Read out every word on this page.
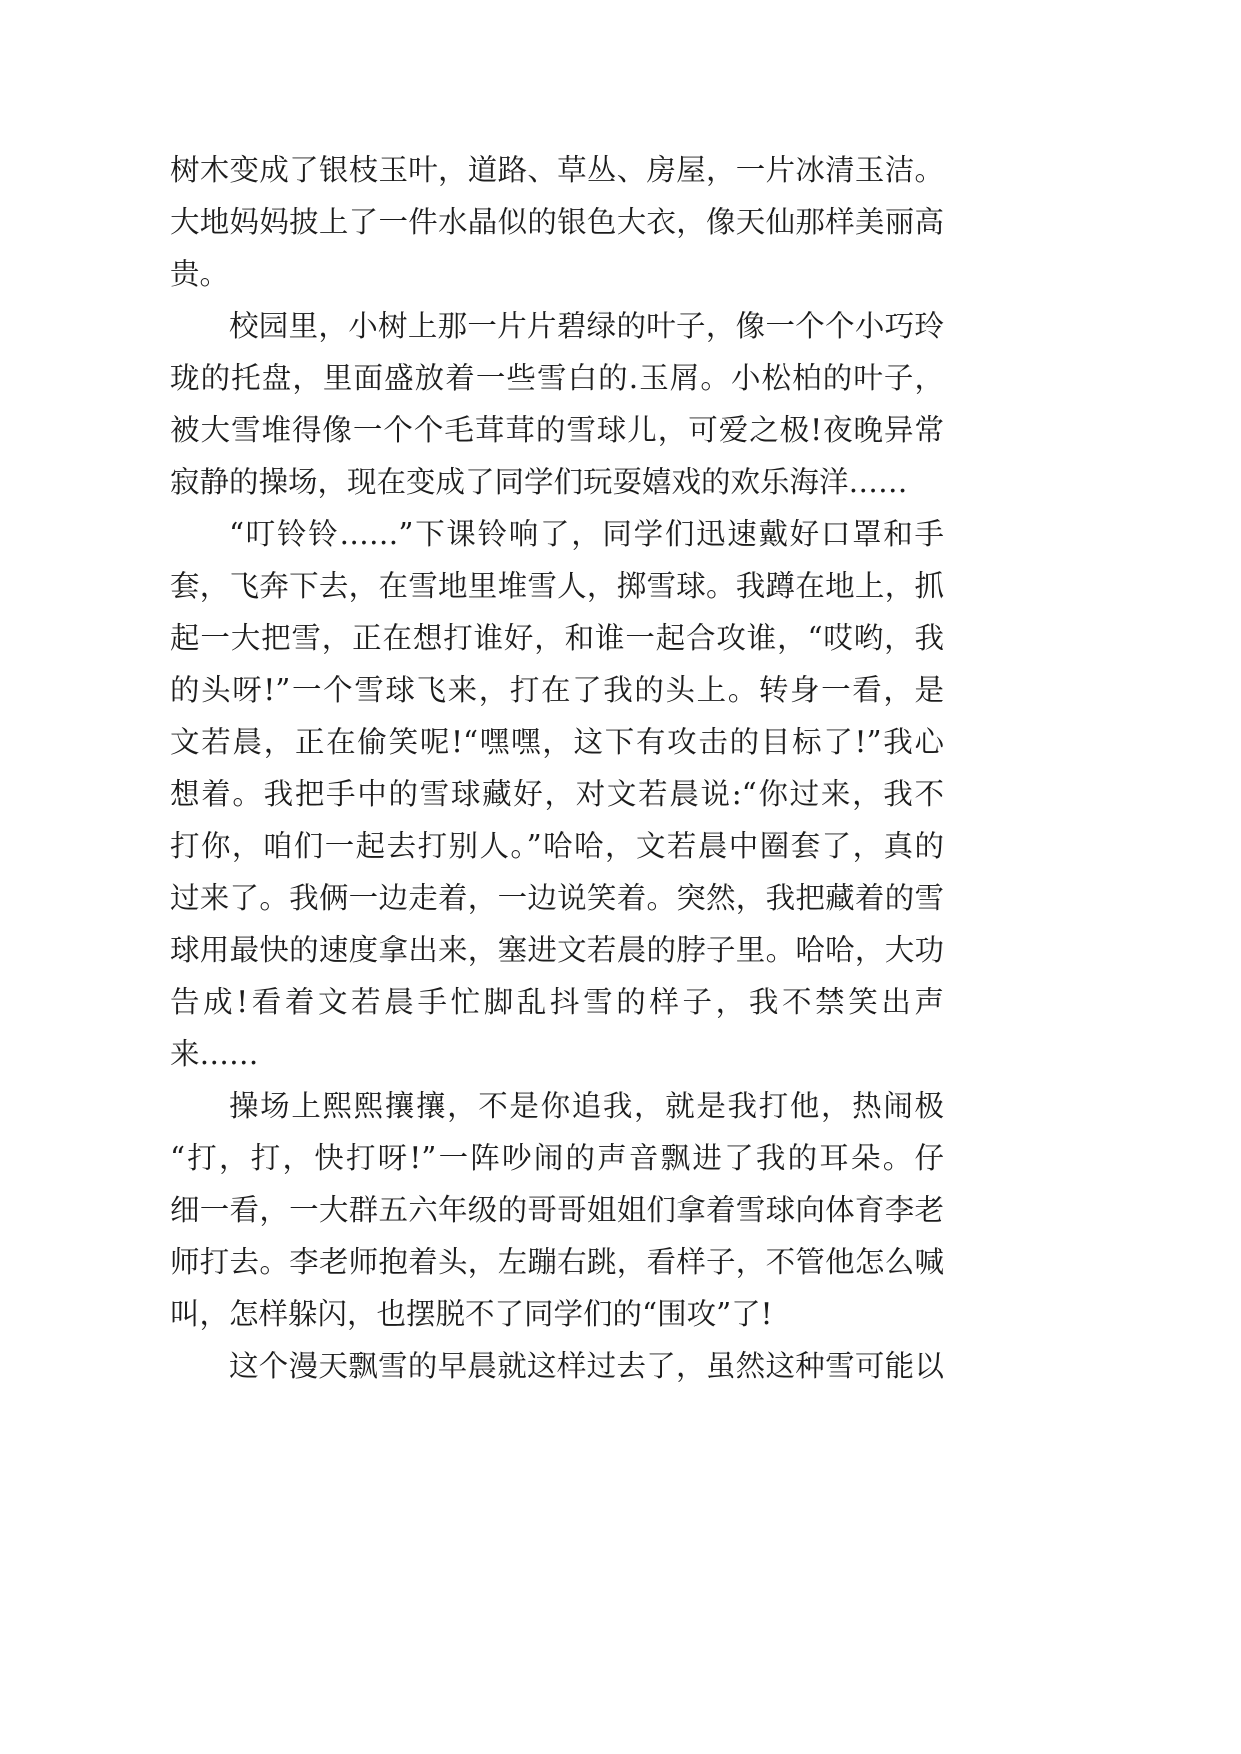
树木变成了银枝玉叶，道路、草丛、房屋，一片冰清玉洁。
大地妈妈披上了一件水晶似的银色大衣，像天仙那样美丽高
贵。
校园里，小树上那一片片碧绿的叶子，像一个个小巧玲
珑的托盘，里面盛放着一些雪白的.玉屑。小松柏的叶子，
被大雪堆得像一个个毛茸茸的雪球儿，可爱之极!夜晚异常
寂静的操场，现在变成了同学们玩耍嬉戏的欢乐海洋……
“叮铃铃……”下课铃响了，同学们迅速戴好口罩和手
套，飞奔下去，在雪地里堆雪人，掷雪球。我蹲在地上，抓
起一大把雪，正在想打谁好，和谁一起合攻谁，“哎哟，我
的头呀!”一个雪球飞来，打在了我的头上。转身一看，是
文若晨，正在偷笑呢!“嘿嘿，这下有攻击的目标了!”我心
想着。我把手中的雪球藏好，对文若晨说:“你过来，我不
打你，咱们一起去打别人。”哈哈，文若晨中圈套了，真的
过来了。我俩一边走着，一边说笑着。突然，我把藏着的雪
球用最快的速度拿出来，塞进文若晨的脖子里。哈哈，大功
告成!看着文若晨手忙脚乱抖雪的样子，我不禁笑出声
来……
操场上熙熙攘攘，不是你追我，就是我打他，热闹极
“打，打，快打呀!”一阵吵闹的声音飘进了我的耳朵。仔
细一看，一大群五六年级的哥哥姐姐们拿着雪球向体育李老
师打去。李老师抱着头，左蹦右跳，看样子，不管他怎么喊
叫，怎样躲闪，也摆脱不了同学们的“围攻”了!
这个漫天飘雪的早晨就这样过去了，虽然这种雪可能以
